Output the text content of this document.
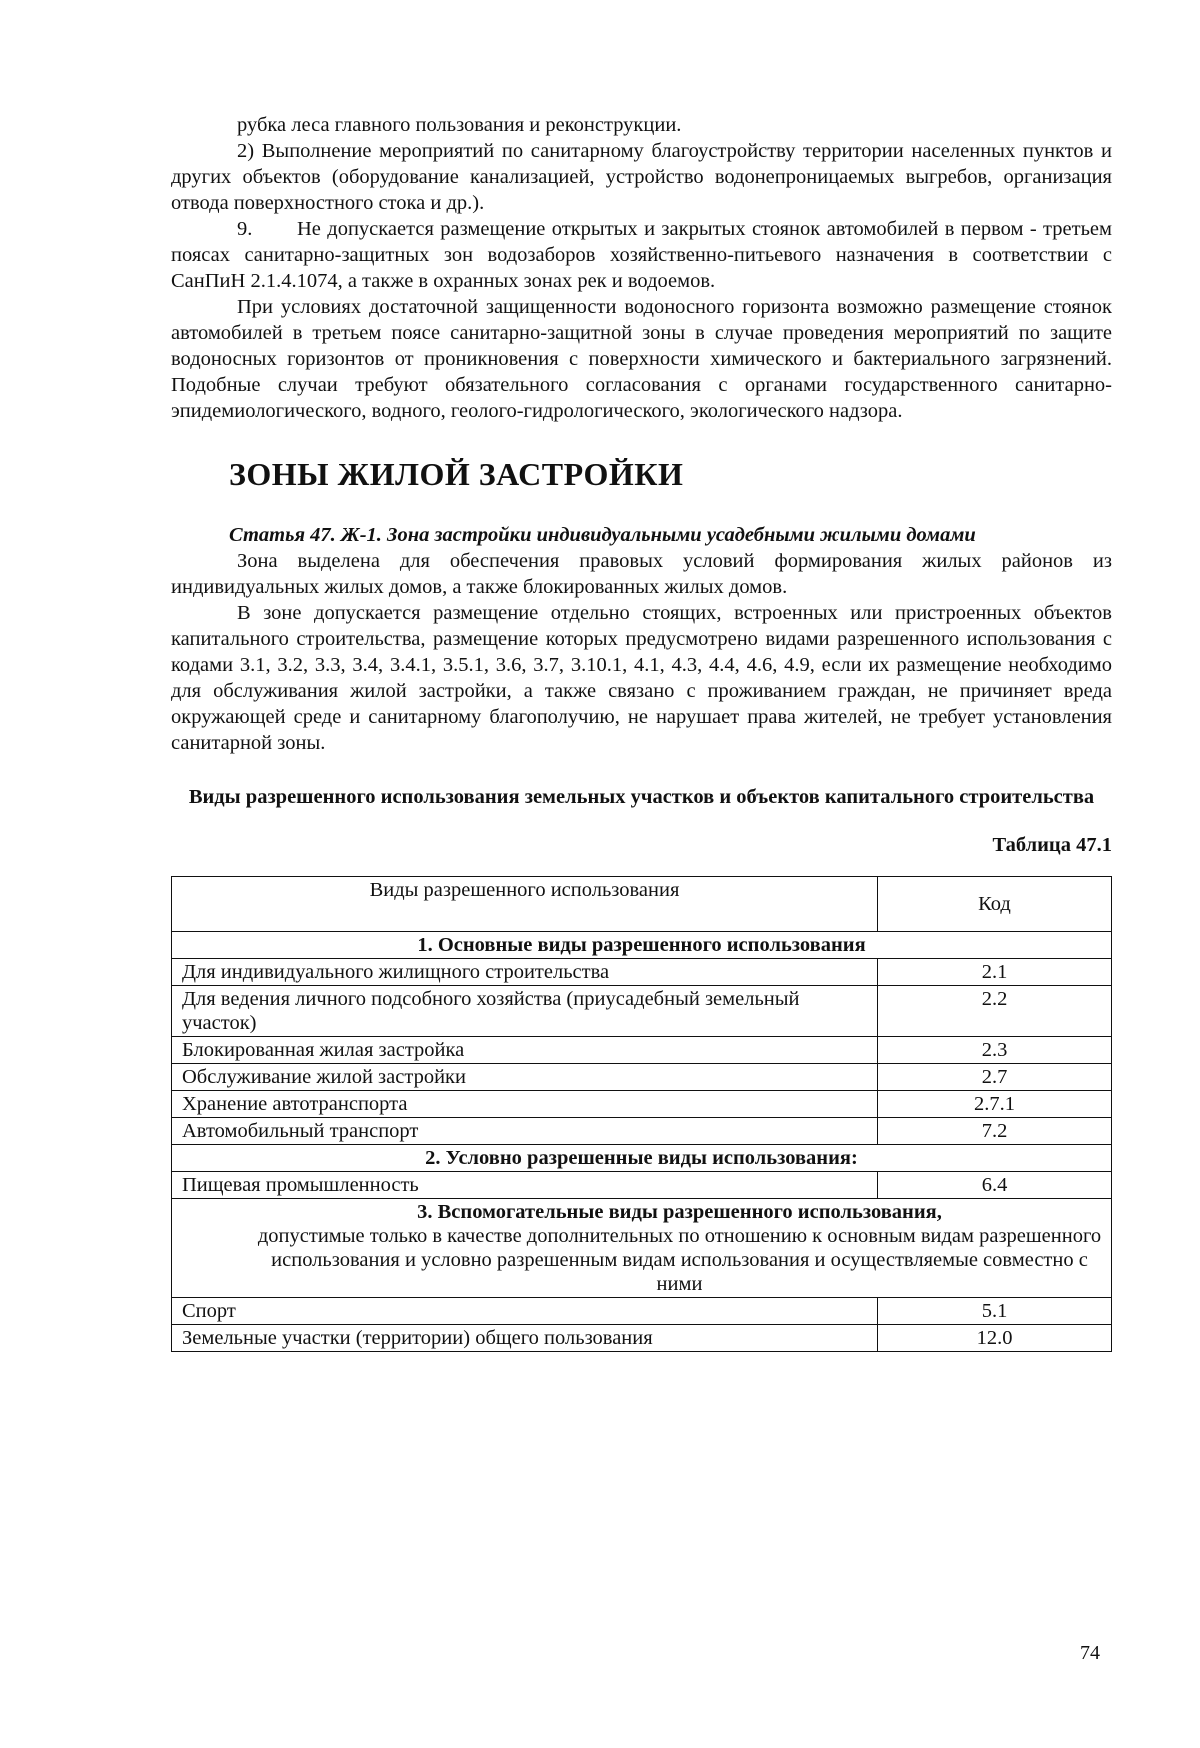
рубка леса главного пользования и реконструкции.

2) Выполнение мероприятий по санитарному благоустройству территории населенных пунктов и других объектов (оборудование канализацией, устройство водонепроницаемых выгребов, организация отвода поверхностного стока и др.).

9. Не допускается размещение открытых и закрытых стоянок автомобилей в первом - третьем поясах санитарно-защитных зон водозаборов хозяйственно-питьевого назначения в соответствии с СанПиН 2.1.4.1074, а также в охранных зонах рек и водоемов.

При условиях достаточной защищенности водоносного горизонта возможно размещение стоянок автомобилей в третьем поясе санитарно-защитной зоны в случае проведения мероприятий по защите водоносных горизонтов от проникновения с поверхности химического и бактериального загрязнений. Подобные случаи требуют обязательного согласования с органами государственного санитарно-эпидемиологического, водного, геолого-гидрологического, экологического надзора.

ЗОНЫ ЖИЛОЙ ЗАСТРОЙКИ

Статья 47. Ж-1. Зона застройки индивидуальными усадебными жилыми домами

Зона выделена для обеспечения правовых условий формирования жилых районов из индивидуальных жилых домов, а также блокированных жилых домов.

В зоне допускается размещение отдельно стоящих, встроенных или пристроенных объектов капитального строительства, размещение которых предусмотрено видами разрешенного использования с кодами 3.1, 3.2, 3.3, 3.4, 3.4.1, 3.5.1, 3.6, 3.7, 3.10.1, 4.1, 4.3, 4.4, 4.6, 4.9, если их размещение необходимо для обслуживания жилой застройки, а также связано с проживанием граждан, не причиняет вреда окружающей среде и санитарному благополучию, не нарушает права жителей, не требует установления санитарной зоны.

Виды разрешенного использования земельных участков и объектов капитального строительства

Таблица 47.1

Виды разрешенного использования	Код
1. Основные виды разрешенного использования	
Для индивидуального жилищного строительства	2.1
Для ведения личного подсобного хозяйства (приусадебный земельный участок)	2.2
Блокированная жилая застройка	2.3
Обслуживание жилой застройки	2.7
Хранение автотранспорта	2.7.1
Автомобильный транспорт	7.2
2. Условно разрешенные виды использования:	
Пищевая промышленность	6.4

3. Вспомогательные виды разрешенного использования,
допустимые только в качестве дополнительных по отношению к основным видам разрешенного использования и условно разрешенным видам использования и осуществляемые совместно с ними	
Спорт	5.1
Земельные участки (территории) общего пользования	12.0
74
